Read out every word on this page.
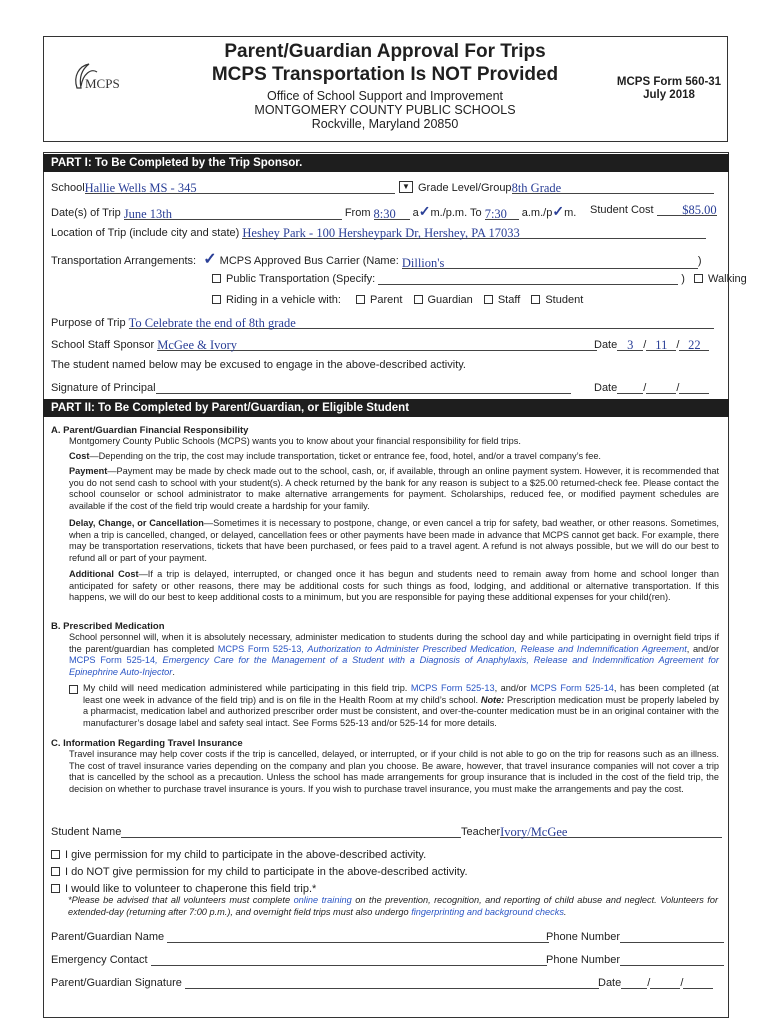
MCPS
Parent/Guardian Approval For Trips
MCPS Transportation Is NOT Provided
Office of School Support and Improvement
MONTGOMERY COUNTY PUBLIC SCHOOLS
Rockville, Maryland 20850
MCPS Form 560-31
July 2018
PART I: To Be Completed by the Trip Sponsor.
SchoolHallie Wells MS - 345	▼ Grade Level/Group8th Grade
Date(s) of Trip June 13th	From 8:30 a✓m./p.m. To 7:30 a.m./p✓m. Student Cost $85.00
Location of Trip (include city and state) Heshey Park - 100 Hersheypark Dr, Hershey, PA 17033
Transportation Arrangements: ✓ MCPS Approved Bus Carrier (Name: Dillion's	)
Public Transportation (Specify:	) Walking
Riding in a vehicle with:	Parent Guardian Staff Student
Purpose of Trip To Celebrate the end of 8th grade
School Staff Sponsor McGee & Ivory	Date 3 / 11 / 22
The student named below may be excused to engage in the above-described activity.
Signature of Principal	Date /	/
PART II: To Be Completed by Parent/Guardian, or Eligible Student
A. Parent/Guardian Financial Responsibility
Montgomery County Public Schools (MCPS) wants you to know about your financial responsibility for field trips.
Cost—Depending on the trip, the cost may include transportation, ticket or entrance fee, food, hotel, and/or a travel company’s fee.
Payment—Payment may be made by check made out to the school, cash, or, if available, through an online payment system. However, it is recommended that you do not send cash to school with your student(s). A check returned by the bank for any reason is subject to a $25.00 returned-check fee. Please contact the school counselor or school administrator to make alternative arrangements for payment. Scholarships, reduced fee, or modified payment schedules are available if the cost of the field trip would create a hardship for your family.
Delay, Change, or Cancellation—Sometimes it is necessary to postpone, change, or even cancel a trip for safety, bad weather, or other reasons. Sometimes, when a trip is cancelled, changed, or delayed, cancellation fees or other payments have been made in advance that MCPS cannot get back. For example, there may be transportation reservations, tickets that have been purchased, or fees paid to a travel agent. A refund is not always possible, but we will do our best to refund all or part of your payment.
Additional Cost—If a trip is delayed, interrupted, or changed once it has begun and students need to remain away from home and school longer than anticipated for safety or other reasons, there may be additional costs for such things as food, lodging, and additional or alternative transportation. If this happens, we will do our best to keep additional costs to a minimum, but you are responsible for paying these additional expenses for your child(ren).
B. Prescribed Medication
School personnel will, when it is absolutely necessary, administer medication to students during the school day and while participating in overnight field trips if the parent/guardian has completed MCPS Form 525-13, Authorization to Administer Prescribed Medication, Release and Indemnification Agreement, and/or MCPS Form 525-14, Emergency Care for the Management of a Student with a Diagnosis of Anaphylaxis, Release and Indemnification Agreement for Epinephrine Auto-Injector.
My child will need medication administered while participating in this field trip. MCPS Form 525-13, and/or MCPS Form 525-14, has been completed (at least one week in advance of the field trip) and is on file in the Health Room at my child’s school. Note: Prescription medication must be properly labeled by a pharmacist, medication label and authorized prescriber order must be consistent, and over-the-counter medication must be in an original container with the manufacturer’s dosage label and safety seal intact. See Forms 525-13 and/or 525-14 for more details.
C. Information Regarding Travel Insurance
Travel insurance may help cover costs if the trip is cancelled, delayed, or interrupted, or if your child is not able to go on the trip for reasons such as an illness. The cost of travel insurance varies depending on the company and plan you choose. Be aware, however, that travel insurance companies will not cover a trip that is cancelled by the school as a precaution. Unless the school has made arrangements for group insurance that is included in the cost of the field trip, the decision on whether to purchase travel insurance is yours. If you wish to purchase travel insurance, you must make the arrangements and pay the cost.
Student Name	TeacherIvory/McGee
I give permission for my child to participate in the above-described activity.
I do NOT give permission for my child to participate in the above-described activity.
I would like to volunteer to chaperone this field trip.*
*Please be advised that all volunteers must complete online training on the prevention, recognition, and reporting of child abuse and neglect. Volunteers for extended-day (returning after 7:00 p.m.), and overnight field trips must also undergo fingerprinting and background checks.
Parent/Guardian Name	Phone Number
Emergency Contact	Phone Number
Parent/Guardian Signature	Date /	/
